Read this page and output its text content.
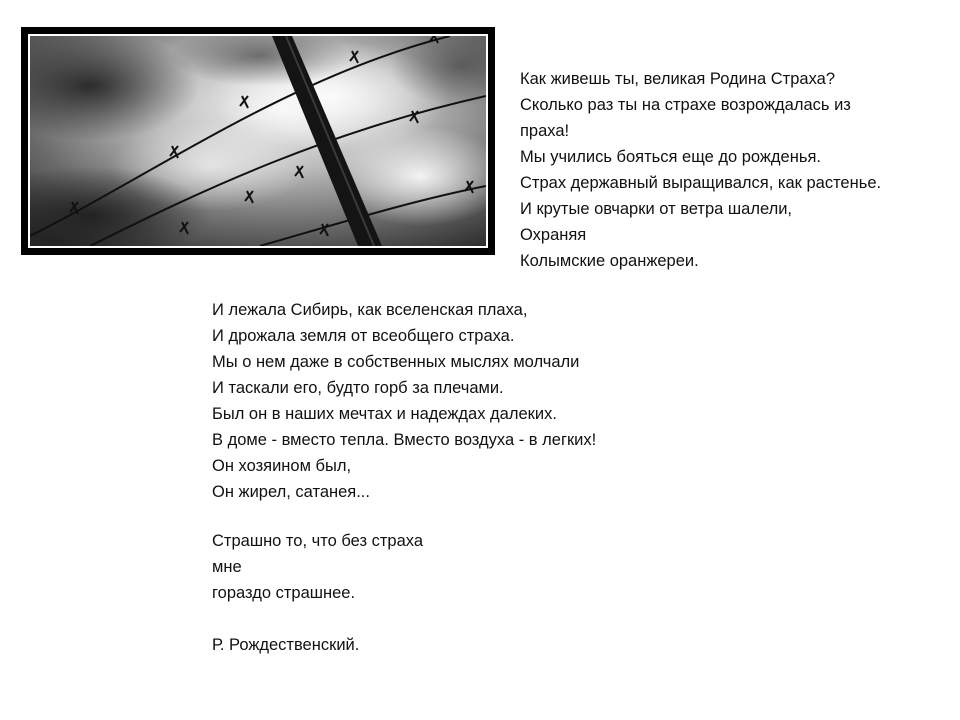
Как живешь ты, великая Родина Страха?
Сколько раз ты на страхе возрождалась из
праха!
Мы учились бояться еще до рожденья.
Страх державный выращивался, как растенье.
И крутые овчарки от ветра шалели,
Охраняя
Колымские оранжереи.
И лежала Сибирь, как вселенская плаха,
И дрожала земля от всеобщего страха.
Мы о нем даже в собственных мыслях молчали
И таскали его, будто горб за плечами.
Был он в наших мечтах и надеждах далеких.
В доме - вместо тепла. Вместо воздуха - в легких!
Он хозяином был,
Он жирел, сатанея...
Страшно то, что без страха
мне
гораздо страшнее.

Р. Рождественский.
